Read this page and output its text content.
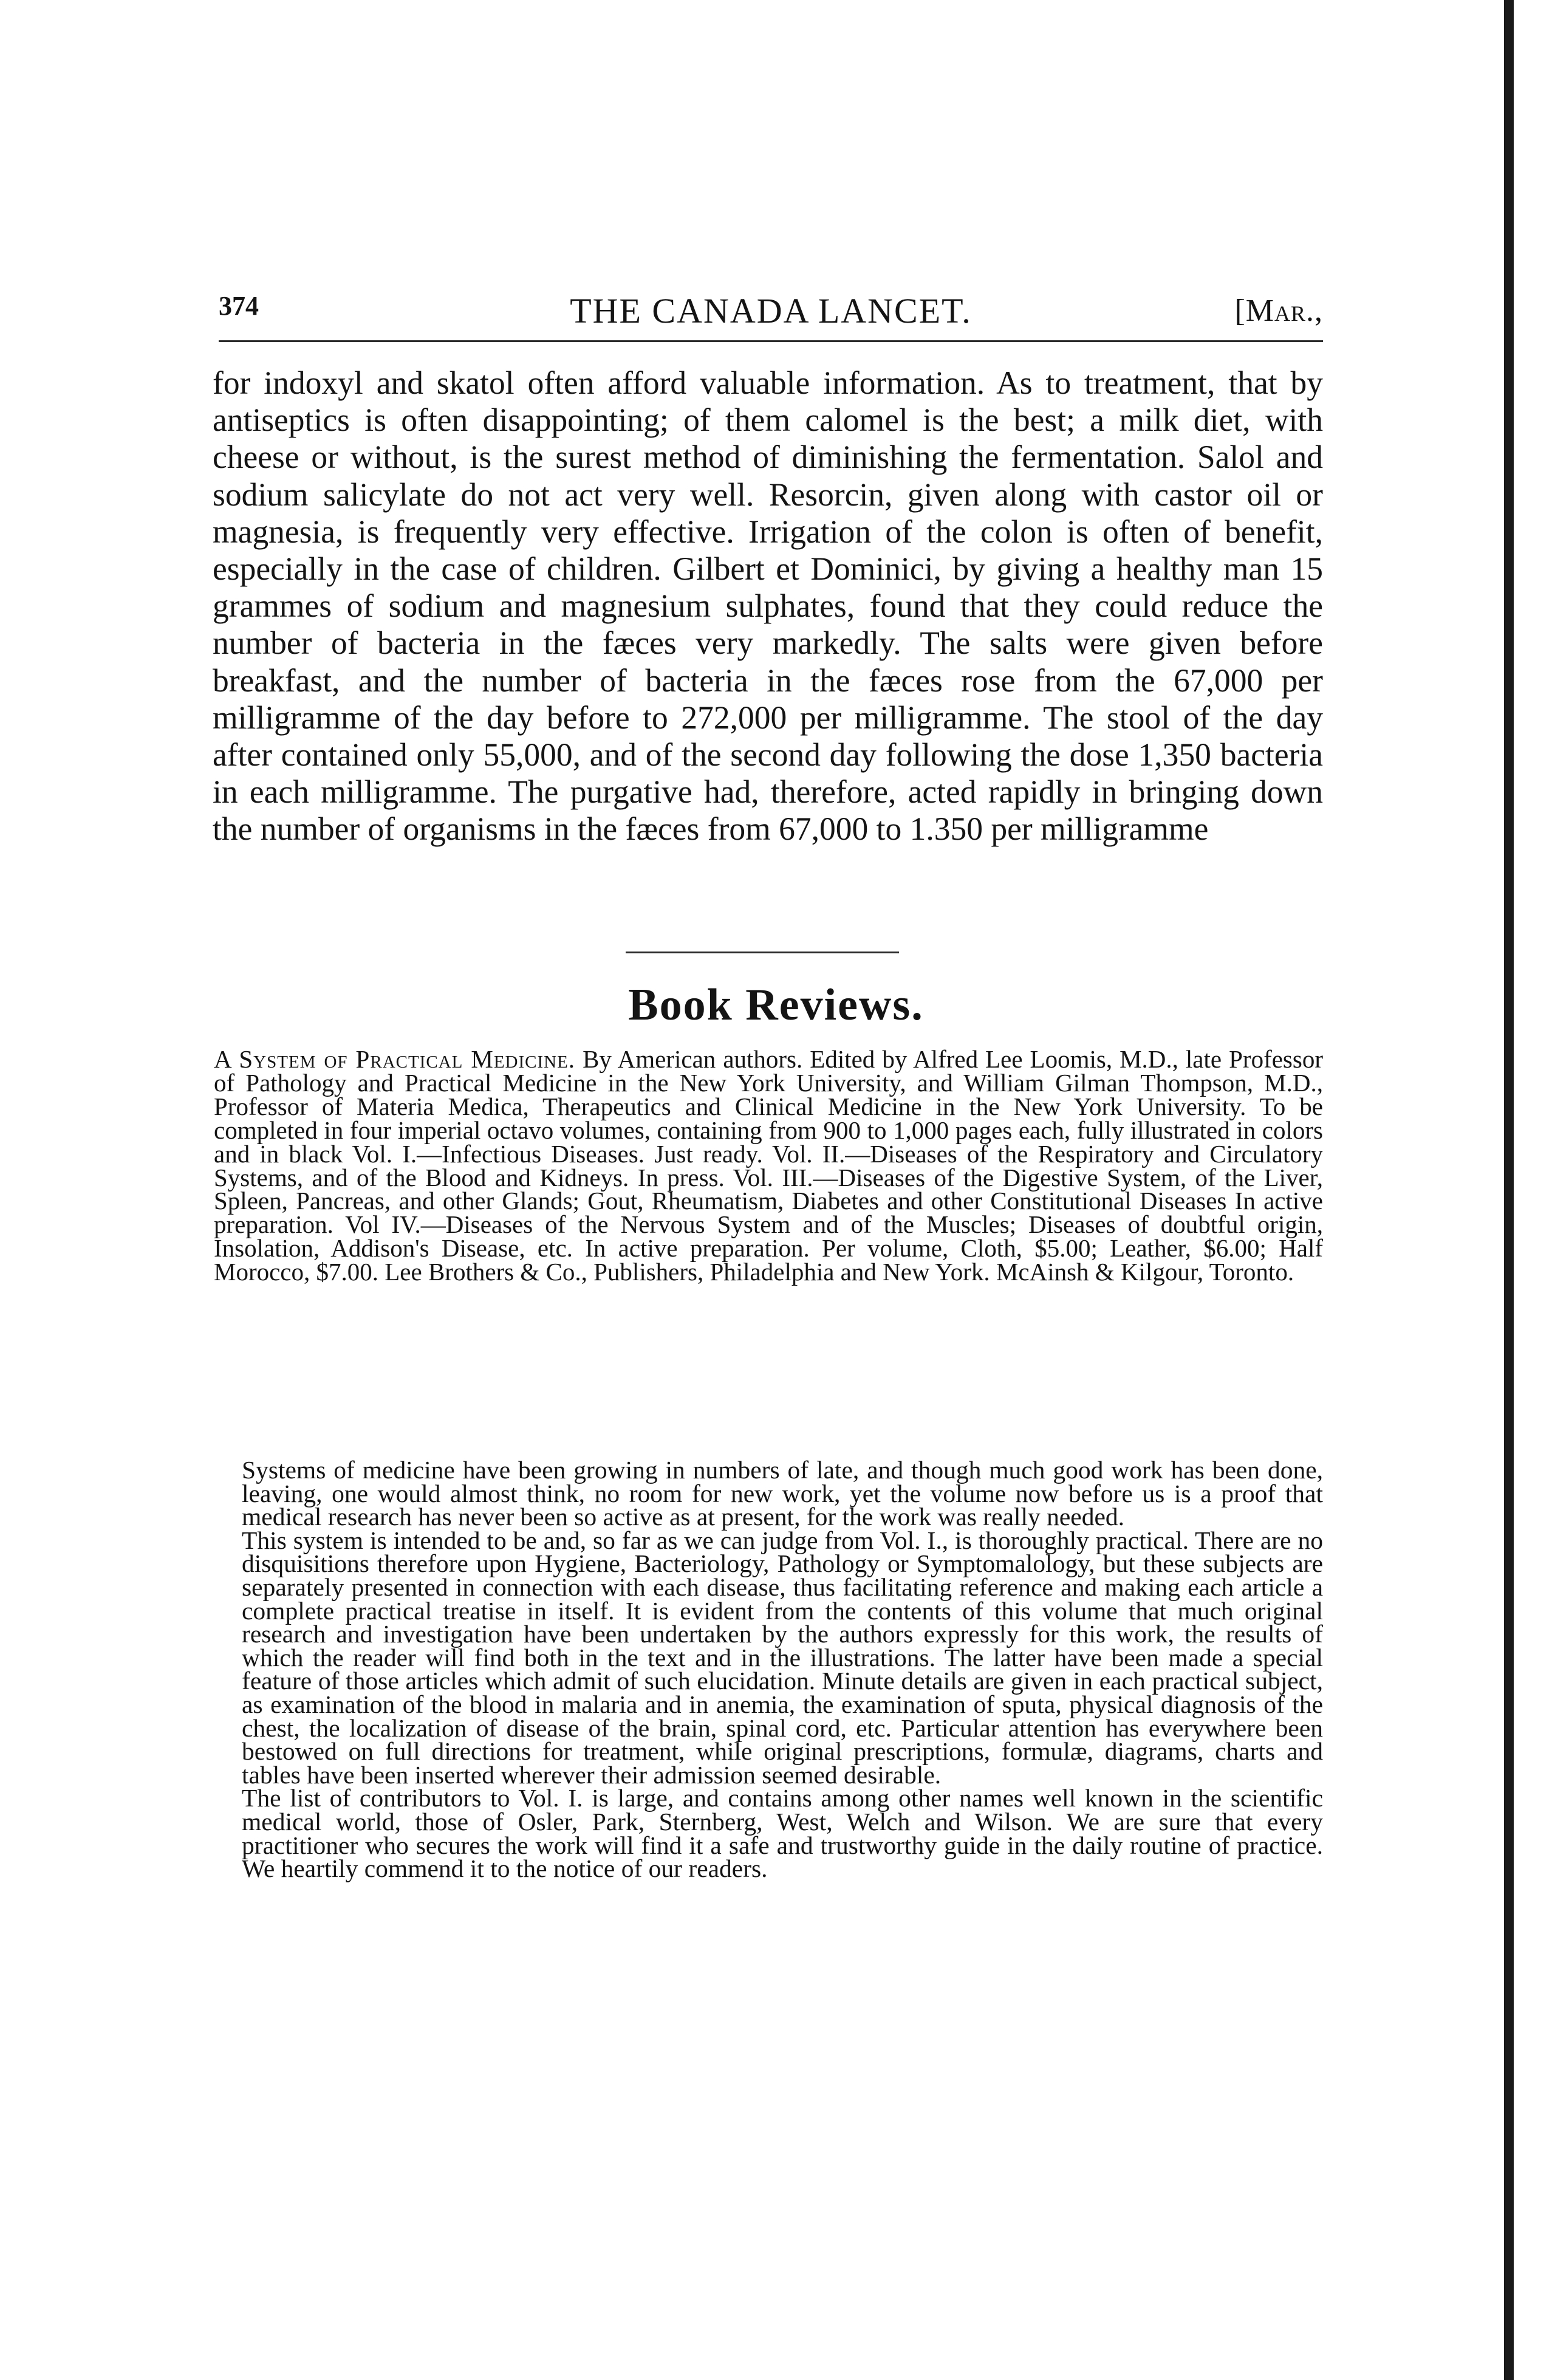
374	THE CANADA LANCET.	[Mar.,

for indoxyl and skatol often afford valuable information. As to treatment, that by antiseptics is often disappointing; of them calomel is the best; a milk diet, with cheese or without, is the surest method of diminishing the fermentation. Salol and sodium salicylate do not act very well. Resorcin, given along with castor oil or magnesia, is frequently very effective. Irrigation of the colon is often of benefit, especially in the case of children. Gilbert et Dominici, by giving a healthy man 15 grammes of sodium and magnesium sulphates, found that they could reduce the number of bacteria in the fæces very markedly. The salts were given before breakfast, and the number of bacteria in the fæces rose from the 67,000 per milligramme of the day before to 272,000 per milligramme. The stool of the day after contained only 55,000, and of the second day following the dose 1,350 bacteria in each milligramme. The purgative had, therefore, acted rapidly in bringing down the number of organisms in the fæces from 67,000 to 1.350 per milligramme

Book Reviews.

A System of Practical Medicine. By American authors. Edited by Alfred Lee Loomis, M.D., late Professor of Pathology and Practical Medicine in the New York University, and William Gilman Thompson, M.D., Professor of Materia Medica, Therapeutics and Clinical Medicine in the New York University. To be completed in four imperial octavo volumes, containing from 900 to 1,000 pages each, fully illustrated in colors and in black Vol. I.—Infectious Diseases. Just ready. Vol. II.—Diseases of the Respiratory and Circulatory Systems, and of the Blood and Kidneys. In press. Vol. III.—Diseases of the Digestive System, of the Liver, Spleen, Pancreas, and other Glands; Gout, Rheumatism, Diabetes and other Constitutional Diseases In active preparation. Vol IV.—Diseases of the Nervous System and of the Muscles; Diseases of doubtful origin, Insolation, Addison's Disease, etc. In active preparation. Per volume, Cloth, $5.00; Leather, $6.00; Half Morocco, $7.00. Lee Brothers & Co., Publishers, Philadelphia and New York. McAinsh & Kilgour, Toronto.

Systems of medicine have been growing in numbers of late, and though much good work has been done, leaving, one would almost think, no room for new work, yet the volume now before us is a proof that medical research has never been so active as at present, for the work was really needed.

This system is intended to be and, so far as we can judge from Vol. I., is thoroughly practical. There are no disquisitions therefore upon Hygiene, Bacteriology, Pathology or Symptomalology, but these subjects are separately presented in connection with each disease, thus facilitating reference and making each article a complete practical treatise in itself. It is evident from the contents of this volume that much original research and investigation have been undertaken by the authors expressly for this work, the results of which the reader will find both in the text and in the illustrations. The latter have been made a special feature of those articles which admit of such elucidation. Minute details are given in each practical subject, as examination of the blood in malaria and in anemia, the examination of sputa, physical diagnosis of the chest, the localization of disease of the brain, spinal cord, etc. Particular attention has everywhere been bestowed on full directions for treatment, while original prescriptions, formulæ, diagrams, charts and tables have been inserted wherever their admission seemed desirable.

The list of contributors to Vol. I. is large, and contains among other names well known in the scientific medical world, those of Osler, Park, Sternberg, West, Welch and Wilson. We are sure that every practitioner who secures the work will find it a safe and trustworthy guide in the daily routine of practice. We heartily commend it to the notice of our readers.
